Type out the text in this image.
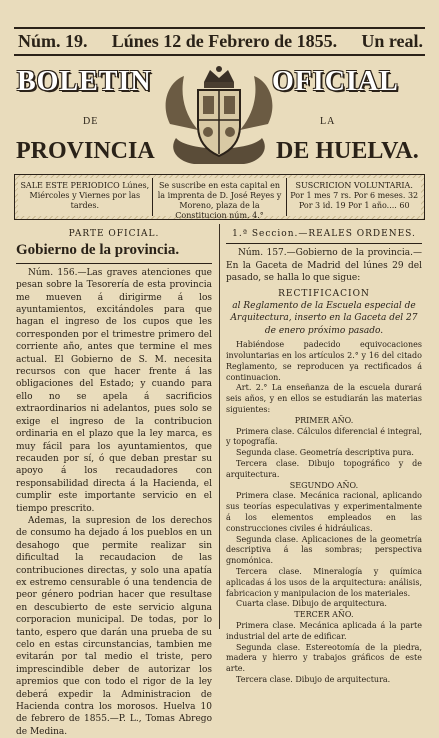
Núm. 19. Lúnes 12 de Febrero de 1855. Un real.
BOLETIN	OFICIAL
DE	LA
PROVINCIA	DE HUELVA.
SALE ESTE PERIODICO Lúnes, Miércoles y Viernes por las tardes.
Se suscribe en esta capital en la imprenta de D. José Reyes y Moreno, plaza de la Constitucion núm. 4.°
SUSCRICION VOLUNTARIA.
Por 1 mes 7 rs. Por 6 meses. 32
Por 3 id. 19 Por 1 año.... 60

PARTE OFICIAL.

Gobierno de la provincia.

Núm. 156.—Las graves atenciones que pesan sobre la Tesorería de esta provincia me mueven á dirigirme á los ayuntamientos, excitándoles para que hagan el ingreso de los cupos que les corresponden por el trimestre primero del corriente año, antes que termine el mes actual. El Gobierno de S. M. necesita recursos con que hacer frente á las obligaciones del Estado; y cuando para ello no se apela á sacrificios extraordinarios ni adelantos, pues solo se exige el ingreso de la contribucion ordinaria en el plazo que la ley marca, es muy fácil para los ayuntamientos, que recauden por sí, ó que deban prestar su apoyo á los recaudadores con responsabilidad directa á la Hacienda, el cumplir este importante servicio en el tiempo prescrito.

Ademas, la supresion de los derechos de consumo ha dejado á los pueblos en un desahogo que permite realizar sin dificultad la recaudacion de las contribuciones directas, y solo una apatía ex estremo censurable ó una tendencia de peor género podrian hacer que resultase en descubierto de este servicio alguna corporacion municipal. De todas, por lo tanto, espero que darán una prueba de su celo en estas circunstancias, tambien me evitarán por tal medio el triste, pero imprescindible deber de autorizar los apremios que con todo el rigor de la ley deberá expedir la Administracion de Hacienda contra los morosos. Huelva 10 de febrero de 1855.—P. L., Tomas Abrego de Medina.

1.ª Seccion.—REALES ORDENES.

Núm. 157.—Gobierno de la provincia.—En la Gaceta de Madrid del lúnes 29 del pasado, se halla lo que sigue:

RECTIFICACION

al Reglamento de la Escuela especial de Arquitectura, inserto en la Gaceta del 27 de enero próximo pasado.

Habiéndose padecido equivocaciones involuntarias en los artículos 2.° y 16 del citado Reglamento, se reproducen ya rectificados á continuacion.

Art. 2.° La enseñanza de la escuela durará seis años, y en ellos se estudiarán las materias siguientes:

PRIMER AÑO.

Primera clase. Cálculos diferencial é integral, y topografía.

Segunda clase. Geometría descriptiva pura.

Tercera clase. Dibujo topográfico y de arquitectura.

SEGUNDO AÑO.

Primera clase. Mecánica racional, aplicando sus teorías especulativas y experimentalmente á los elementos empleados en las construcciones civiles é hidráulicas.

Segunda clase. Aplicaciones de la geometría descriptiva á las sombras; perspectiva gnomónica.

Tercera clase. Mineralogía y química aplicadas á los usos de la arquitectura: análisis, fabricacion y manipulacion de los materiales.

Cuarta clase. Dibujo de arquitectura.

TERCER AÑO.

Primera clase. Mecánica aplicada á la parte industrial del arte de edificar.

Segunda clase. Estereotomía de la piedra, madera y hierro y trabajos gráficos de este arte.

Tercera clase. Dibujo de arquitectura.
